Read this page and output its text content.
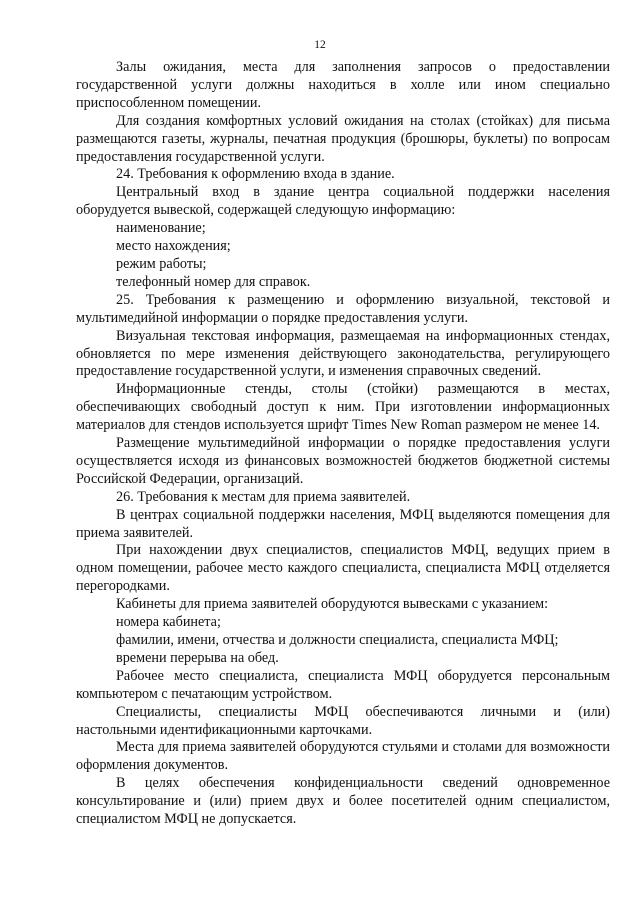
12

Залы ожидания, места для заполнения запросов о предоставлении государственной услуги должны находиться в холле или ином специально приспособленном помещении.

Для создания комфортных условий ожидания на столах (стойках) для письма размещаются газеты, журналы, печатная продукция (брошюры, буклеты) по вопросам предоставления государственной услуги.

24. Требования к оформлению входа в здание.

Центральный вход в здание центра социальной поддержки населения оборудуется вывеской, содержащей следующую информацию:

наименование;

место нахождения;

режим работы;

телефонный номер для справок.

25. Требования к размещению и оформлению визуальной, текстовой и мультимедийной информации о порядке предоставления услуги.

Визуальная текстовая информация, размещаемая на информационных стендах, обновляется по мере изменения действующего законодательства, регулирующего предоставление государственной услуги, и изменения справочных сведений.

Информационные стенды, столы (стойки) размещаются в местах, обеспечивающих свободный доступ к ним. При изготовлении информационных материалов для стендов используется шрифт Times New Roman размером не менее 14.

Размещение мультимедийной информации о порядке предоставления услуги осуществляется исходя из финансовых возможностей бюджетов бюджетной системы Российской Федерации, организаций.

26. Требования к местам для приема заявителей.

В центрах социальной поддержки населения, МФЦ выделяются помещения для приема заявителей.

При нахождении двух специалистов, специалистов МФЦ, ведущих прием в одном помещении, рабочее место каждого специалиста, специалиста МФЦ отделяется перегородками.

Кабинеты для приема заявителей оборудуются вывесками с указанием:

номера кабинета;

фамилии, имени, отчества и должности специалиста, специалиста МФЦ;

времени перерыва на обед.

Рабочее место специалиста, специалиста МФЦ оборудуется персональным компьютером с печатающим устройством.

Специалисты, специалисты МФЦ обеспечиваются личными и (или) настольными идентификационными карточками.

Места для приема заявителей оборудуются стульями и столами для возможности оформления документов.

В целях обеспечения конфиденциальности сведений одновременное консультирование и (или) прием двух и более посетителей одним специалистом, специалистом МФЦ не допускается.
